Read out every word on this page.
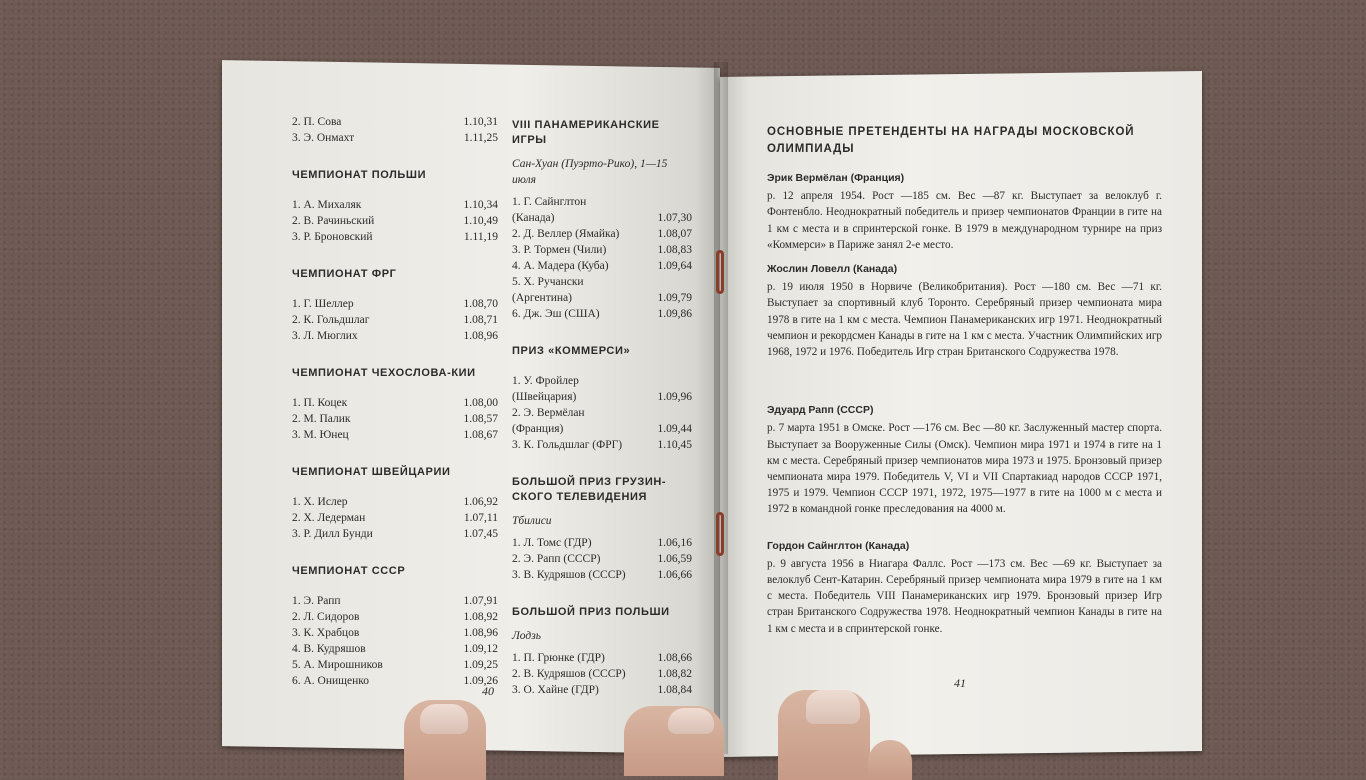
2. П. Сова	1.10,31
3. Э. Онмахт	1.11,25
ЧЕМПИОНАТ ПОЛЬШИ
1. А. Михаляк	1.10,34
2. В. Рачиньский	1.10,49
3. Р. Броновский	1.11,19
ЧЕМПИОНАТ ФРГ
1. Г. Шеллер	1.08,70
2. К. Гольдшлаг	1.08,71
3. Л. Мюглих	1.08,96
ЧЕМПИОНАТ ЧЕХОСЛОВА-КИИ
1. П. Коцек	1.08,00
2. М. Палик	1.08,57
3. М. Юнец	1.08,67
ЧЕМПИОНАТ ШВЕЙЦАРИИ
1. Х. Ислер	1.06,92
2. Х. Ледерман	1.07,11
3. Р. Дилл Бунди	1.07,45
ЧЕМПИОНАТ СССР
1. Э. Рапп	1.07,91
2. Л. Сидоров	1.08,92
3. К. Храбцов	1.08,96
4. В. Кудряшов	1.09,12
5. А. Мирошников	1.09,25
6. А. Онищенко	1.09,26
VIII ПАНАМЕРИКАНСКИЕ ИГРЫ
Сан-Хуан (Пуэрто-Рико), 1—15 июля
1. Г. Сайнглтон
(Канада)	1.07,30
2. Д. Веллер (Ямайка)	1.08,07
3. Р. Тормен (Чили)	1.08,83
4. А. Мадера (Куба)	1.09,64
5. Х. Ручански
(Аргентина)	1.09,79
6. Дж. Эш (США)	1.09,86
ПРИЗ «КОММЕРСИ»
1. У. Фройлер
(Швейцария)	1.09,96
2. Э. Вермёлан
(Франция)	1.09,44
3. К. Гольдшлаг (ФРГ)	1.10,45
БОЛЬШОЙ ПРИЗ ГРУЗИН-СКОГО ТЕЛЕВИДЕНИЯ
Тбилиси
1. Л. Томс (ГДР)	1.06,16
2. Э. Рапп (СССР)	1.06,59
3. В. Кудряшов (СССР)	1.06,66
БОЛЬШОЙ ПРИЗ ПОЛЬШИ
Лодзь
1. П. Грюнке (ГДР)	1.08,66
2. В. Кудряшов (СССР)	1.08,82
3. О. Хайне (ГДР)	1.08,84
40
ОСНОВНЫЕ ПРЕТЕНДЕНТЫ НА НАГРАДЫ МОСКОВСКОЙ ОЛИМПИАДЫ
Эрик Вермёлан (Франция)
р. 12 апреля 1954. Рост —185 см. Вес —87 кг. Выступает за велоклуб г. Фонтенбло. Неоднократный победитель и призер чемпионатов Франции в гите на 1 км с места и в спринтерской гонке. В 1979 в международном турнире на приз «Коммерси» в Париже занял 2-е место.
Жослин Ловелл (Канада)
р. 19 июля 1950 в Норвиче (Великобритания). Рост —180 см. Вес —71 кг. Выступает за спортивный клуб Торонто. Серебряный призер чемпионата мира 1978 в гите на 1 км с места. Чемпион Панамериканских игр 1971. Неоднократный чемпион и рекордсмен Канады в гите на 1 км с места. Участник Олимпийских игр 1968, 1972 и 1976. Победитель Игр стран Британского Содружества 1978.
Эдуард Рапп (СССР)
р. 7 марта 1951 в Омске. Рост —176 см. Вес —80 кг. Заслуженный мастер спорта. Выступает за Вооруженные Силы (Омск). Чемпион мира 1971 и 1974 в гите на 1 км с места. Серебряный призер чемпионатов мира 1973 и 1975. Бронзовый призер чемпионата мира 1979. Победитель V, VI и VII Спартакиад народов СССР 1971, 1975 и 1979. Чемпион СССР 1971, 1972, 1975—1977 в гите на 1000 м с места и 1972 в командной гонке преследования на 4000 м.
Гордон Сайнглтон (Канада)
р. 9 августа 1956 в Ниагара Фаллс. Рост —173 см. Вес —69 кг. Выступает за велоклуб Сент-Катарин. Серебряный призер чемпионата мира 1979 в гите на 1 км с места. Победитель VIII Панамериканских игр 1979. Бронзовый призер Игр стран Британского Содружества 1978. Неоднократный чемпион Канады в гите на 1 км с места и в спринтерской гонке.
41
